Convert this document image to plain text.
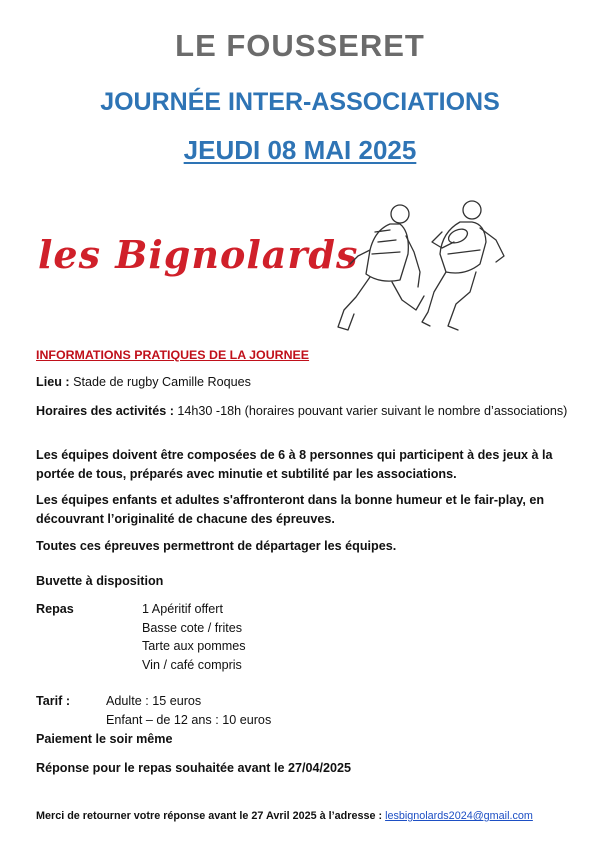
LE FOUSSERET
JOURNÉE INTER-ASSOCIATIONS
JEUDI 08 MAI 2025
les Bignolards
INFORMATIONS PRATIQUES DE LA JOURNEE
Lieu : Stade de rugby Camille Roques
Horaires des activités : 14h30 -18h (horaires pouvant varier suivant le nombre d’associations)
Les équipes doivent être composées de 6 à 8 personnes qui participent à des jeux à la portée de tous, préparés avec minutie et subtilité par les associations.
Les équipes enfants et adultes s'affronteront dans la bonne humeur et le fair-play, en découvrant l’originalité de chacune des épreuves.
Toutes ces épreuves permettront de départager les équipes.
Buvette à disposition
Repas	1 Apéritif offert
Basse cote / frites
Tarte aux pommes
Vin / café compris
Tarif :	Adulte : 15 euros
Enfant – de 12 ans : 10 euros
Paiement le soir même
Réponse pour le repas souhaitée avant le 27/04/2025
Merci de retourner votre réponse avant le 27 Avril 2025 à l’adresse : lesbignolards2024@gmail.com
